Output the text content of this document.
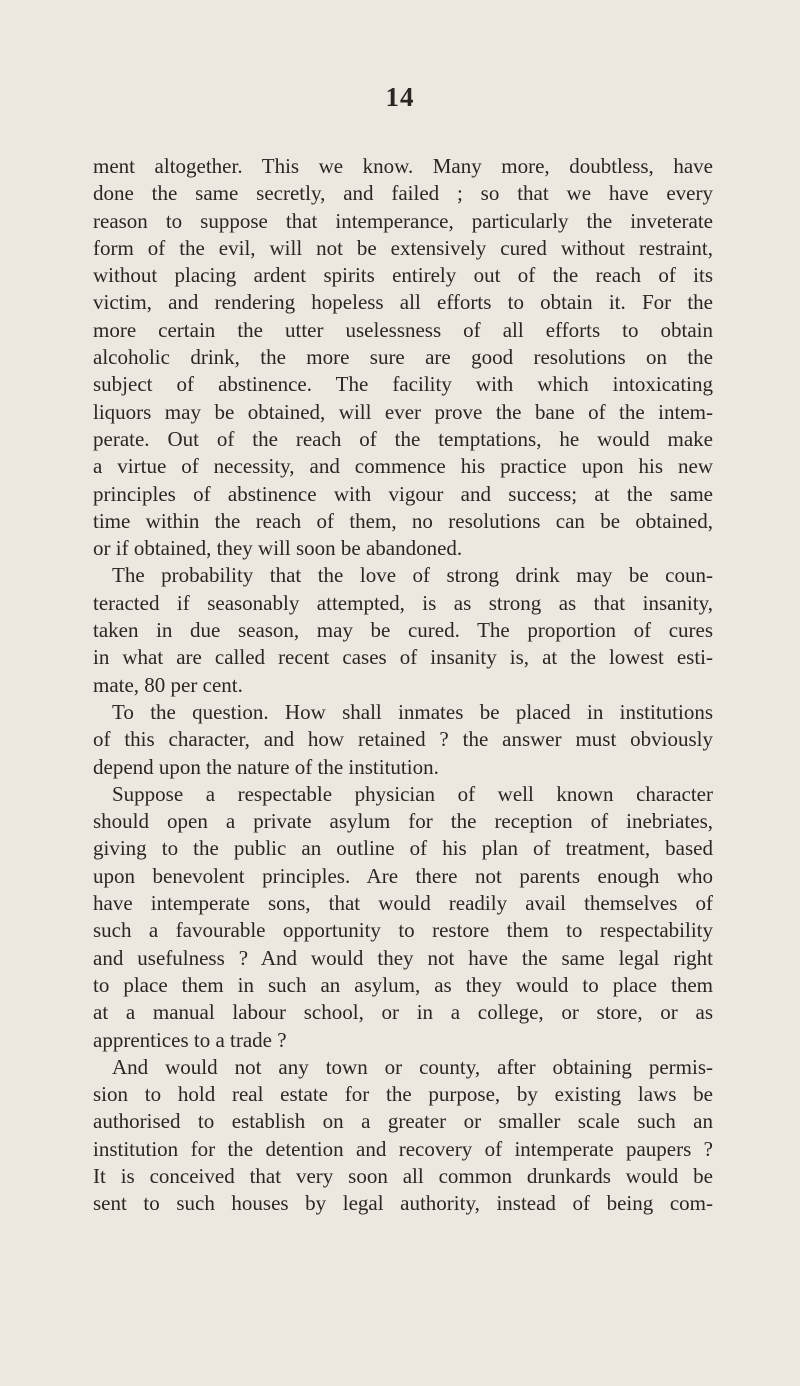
14
ment altogether. This we know. Many more, doubtless, have
done the same secretly, and failed ; so that we have every
reason to suppose that intemperance, particularly the inveterate
form of the evil, will not be extensively cured without restraint,
without placing ardent spirits entirely out of the reach of its
victim, and rendering hopeless all efforts to obtain it. For the
more certain the utter uselessness of all efforts to obtain
alcoholic drink, the more sure are good resolutions on the
subject of abstinence. The facility with which intoxicating
liquors may be obtained, will ever prove the bane of the intem-
perate. Out of the reach of the temptations, he would make
a virtue of necessity, and commence his practice upon his new
principles of abstinence with vigour and success; at the same
time within the reach of them, no resolutions can be obtained,
or if obtained, they will soon be abandoned.
The probability that the love of strong drink may be coun-
teracted if seasonably attempted, is as strong as that insanity,
taken in due season, may be cured. The proportion of cures
in what are called recent cases of insanity is, at the lowest esti-
mate, 80 per cent.
To the question. How shall inmates be placed in institutions
of this character, and how retained ? the answer must obviously
depend upon the nature of the institution.
Suppose a respectable physician of well known character
should open a private asylum for the reception of inebriates,
giving to the public an outline of his plan of treatment, based
upon benevolent principles. Are there not parents enough who
have intemperate sons, that would readily avail themselves of
such a favourable opportunity to restore them to respectability
and usefulness ? And would they not have the same legal right
to place them in such an asylum, as they would to place them
at a manual labour school, or in a college, or store, or as
apprentices to a trade ?
And would not any town or county, after obtaining permis-
sion to hold real estate for the purpose, by existing laws be
authorised to establish on a greater or smaller scale such an
institution for the detention and recovery of intemperate paupers ?
It is conceived that very soon all common drunkards would be
sent to such houses by legal authority, instead of being com-
